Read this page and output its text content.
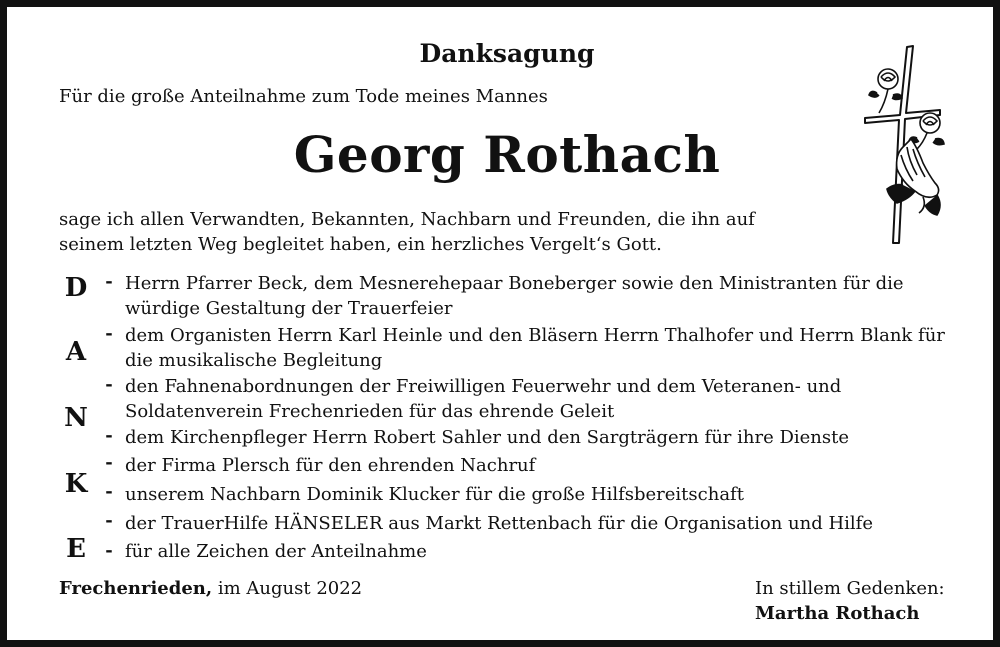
Danksagung
Für die große Anteilnahme zum Tode meines Mannes
Georg Rothach
sage ich allen Verwandten, Bekannten, Nachbarn und Freunden, die ihn auf
seinem letzten Weg begleitet haben, ein herzliches Vergelt‘s Gott.
D
A
N
K
E
-
-
-
-
-
-
-
-
Herrn Pfarrer Beck, dem Mesnerehepaar Boneberger sowie den Ministranten für die würdige Gestaltung der Trauerfeier
dem Organisten Herrn Karl Heinle und den Bläsern Herrn Thalhofer und Herrn Blank für die musikalische Begleitung
den Fahnenabordnungen der Freiwilligen Feuerwehr und dem Veteranen- und Soldatenverein Frechenrieden für das ehrende Geleit
dem Kirchenpfleger Herrn Robert Sahler und den Sargträgern für ihre Dienste
der Firma Plersch für den ehrenden Nachruf
unserem Nachbarn Dominik Klucker für die große Hilfsbereitschaft
der TrauerHilfe HÄNSELER aus Markt Rettenbach für die Organisation und Hilfe
für alle Zeichen der Anteilnahme
Frechenrieden, im August 2022	In stillem Gedenken:
Martha Rothach
